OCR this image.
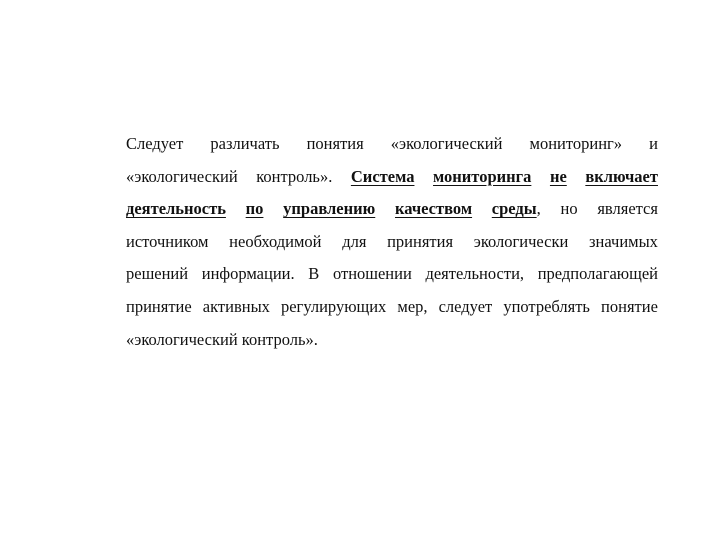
Следует различать понятия «экологический мониторинг» и
«экологический контроль». Система мониторинга не включает
деятельность по управлению качеством среды, но является
источником необходимой для принятия экологически значимых
решений информации. В отношении деятельности, предполагающей
принятие активных регулирующих мер, следует употреблять понятие
«экологический контроль».
